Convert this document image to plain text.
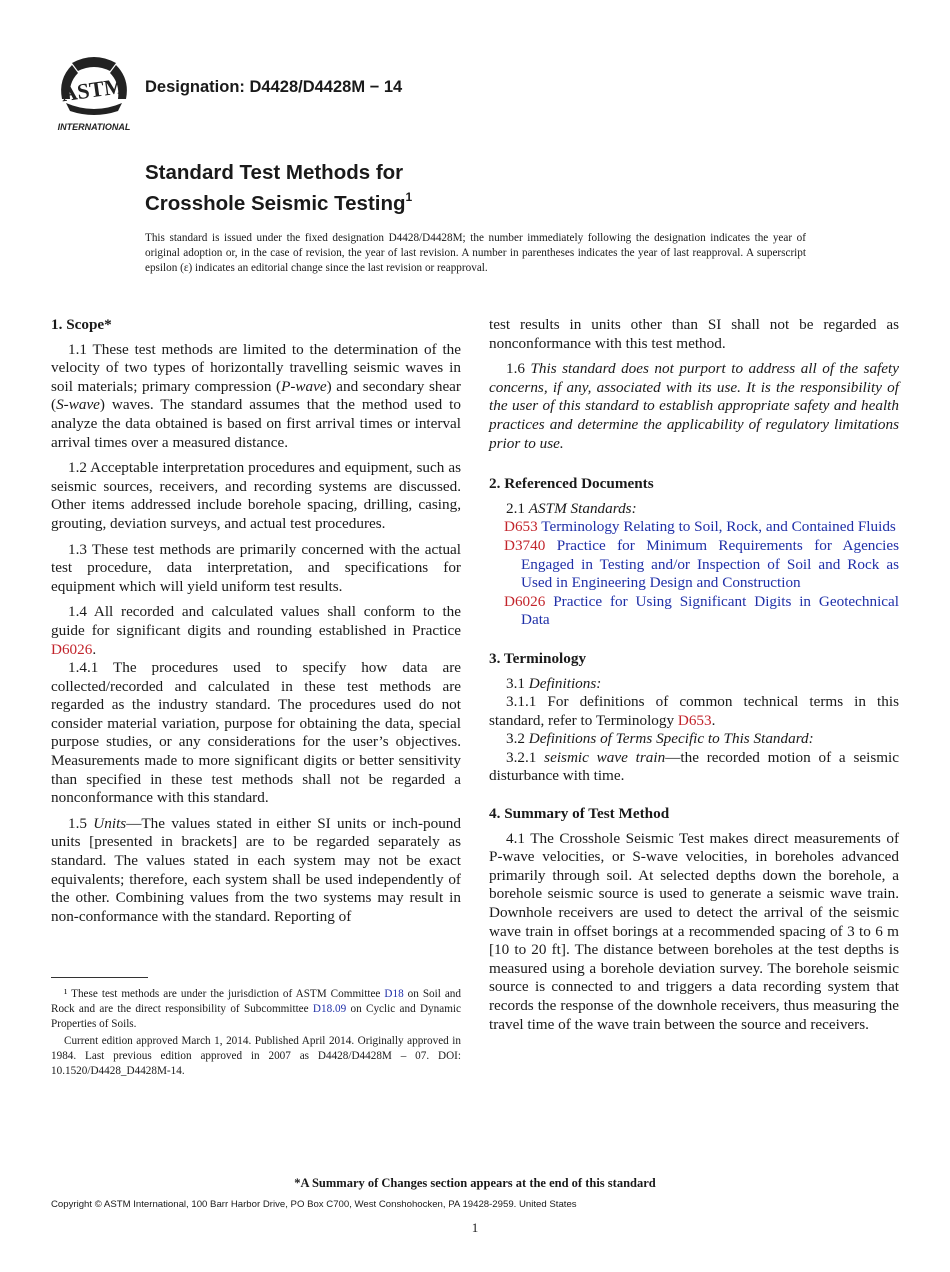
ASTM
INTERNATIONAL
Designation: D4428/D4428M − 14
Standard Test Methods for
Crosshole Seismic Testing$^1$
This standard is issued under the fixed designation D4428/D4428M; the number immediately following the designation indicates the year of original adoption or, in the case of revision, the year of last revision. A number in parentheses indicates the year of last reapproval. A superscript epsilon (ε) indicates an editorial change since the last revision or reapproval.
1. Scope*

1.1 These test methods are limited to the determination of the velocity of two types of horizontally travelling seismic waves in soil materials; primary compression (P-wave) and secondary shear (S-wave) waves. The standard assumes that the method used to analyze the data obtained is based on first arrival times or interval arrival times over a measured distance.

1.2 Acceptable interpretation procedures and equipment, such as seismic sources, receivers, and recording systems are discussed. Other items addressed include borehole spacing, drilling, casing, grouting, deviation surveys, and actual test procedures.

1.3 These test methods are primarily concerned with the actual test procedure, data interpretation, and specifications for equipment which will yield uniform test results.

1.4 All recorded and calculated values shall conform to the guide for significant digits and rounding established in Practice D6026.

1.4.1 The procedures used to specify how data are collected/recorded and calculated in these test methods are regarded as the industry standard. The procedures used do not consider material variation, purpose for obtaining the data, special purpose studies, or any considerations for the user’s objectives. Measurements made to more significant digits or better sensitivity than specified in these test methods shall not be regarded a nonconformance with this standard.

1.5 Units—The values stated in either SI units or inch-pound units [presented in brackets] are to be regarded separately as standard. The values stated in each system may not be exact equivalents; therefore, each system shall be used independently of the other. Combining values from the two systems may result in non-conformance with the standard. Reporting of

test results in units other than SI shall not be regarded as nonconformance with this test method.

1.6 This standard does not purport to address all of the safety concerns, if any, associated with its use. It is the responsibility of the user of this standard to establish appropriate safety and health practices and determine the applicability of regulatory limitations prior to use.

2. Referenced Documents

2.1 ASTM Standards:

D653 Terminology Relating to Soil, Rock, and Contained Fluids
D3740 Practice for Minimum Requirements for Agencies Engaged in Testing and/or Inspection of Soil and Rock as Used in Engineering Design and Construction
D6026 Practice for Using Significant Digits in Geotechnical Data
3. Terminology

3.1 Definitions:

3.1.1 For definitions of common technical terms in this standard, refer to Terminology D653.

3.2 Definitions of Terms Specific to This Standard:

3.2.1 seismic wave train—the recorded motion of a seismic disturbance with time.

4. Summary of Test Method

4.1 The Crosshole Seismic Test makes direct measurements of P-wave velocities, or S-wave velocities, in boreholes advanced primarily through soil. At selected depths down the borehole, a borehole seismic source is used to generate a seismic wave train. Downhole receivers are used to detect the arrival of the seismic wave train in offset borings at a recommended spacing of 3 to 6 m [10 to 20 ft]. The distance between boreholes at the test depths is measured using a borehole deviation survey. The borehole seismic source is connected to and triggers a data recording system that records the response of the downhole receivers, thus measuring the travel time of the wave train between the source and receivers.

¹ These test methods are under the jurisdiction of ASTM Committee D18 on Soil and Rock and are the direct responsibility of Subcommittee D18.09 on Cyclic and Dynamic Properties of Soils.

Current edition approved March 1, 2014. Published April 2014. Originally approved in 1984. Last previous edition approved in 2007 as D4428/D4428M – 07. DOI: 10.1520/D4428_D4428M-14.

*A Summary of Changes section appears at the end of this standard
Copyright © ASTM International, 100 Barr Harbor Drive, PO Box C700, West Conshohocken, PA 19428-2959. United States
1
